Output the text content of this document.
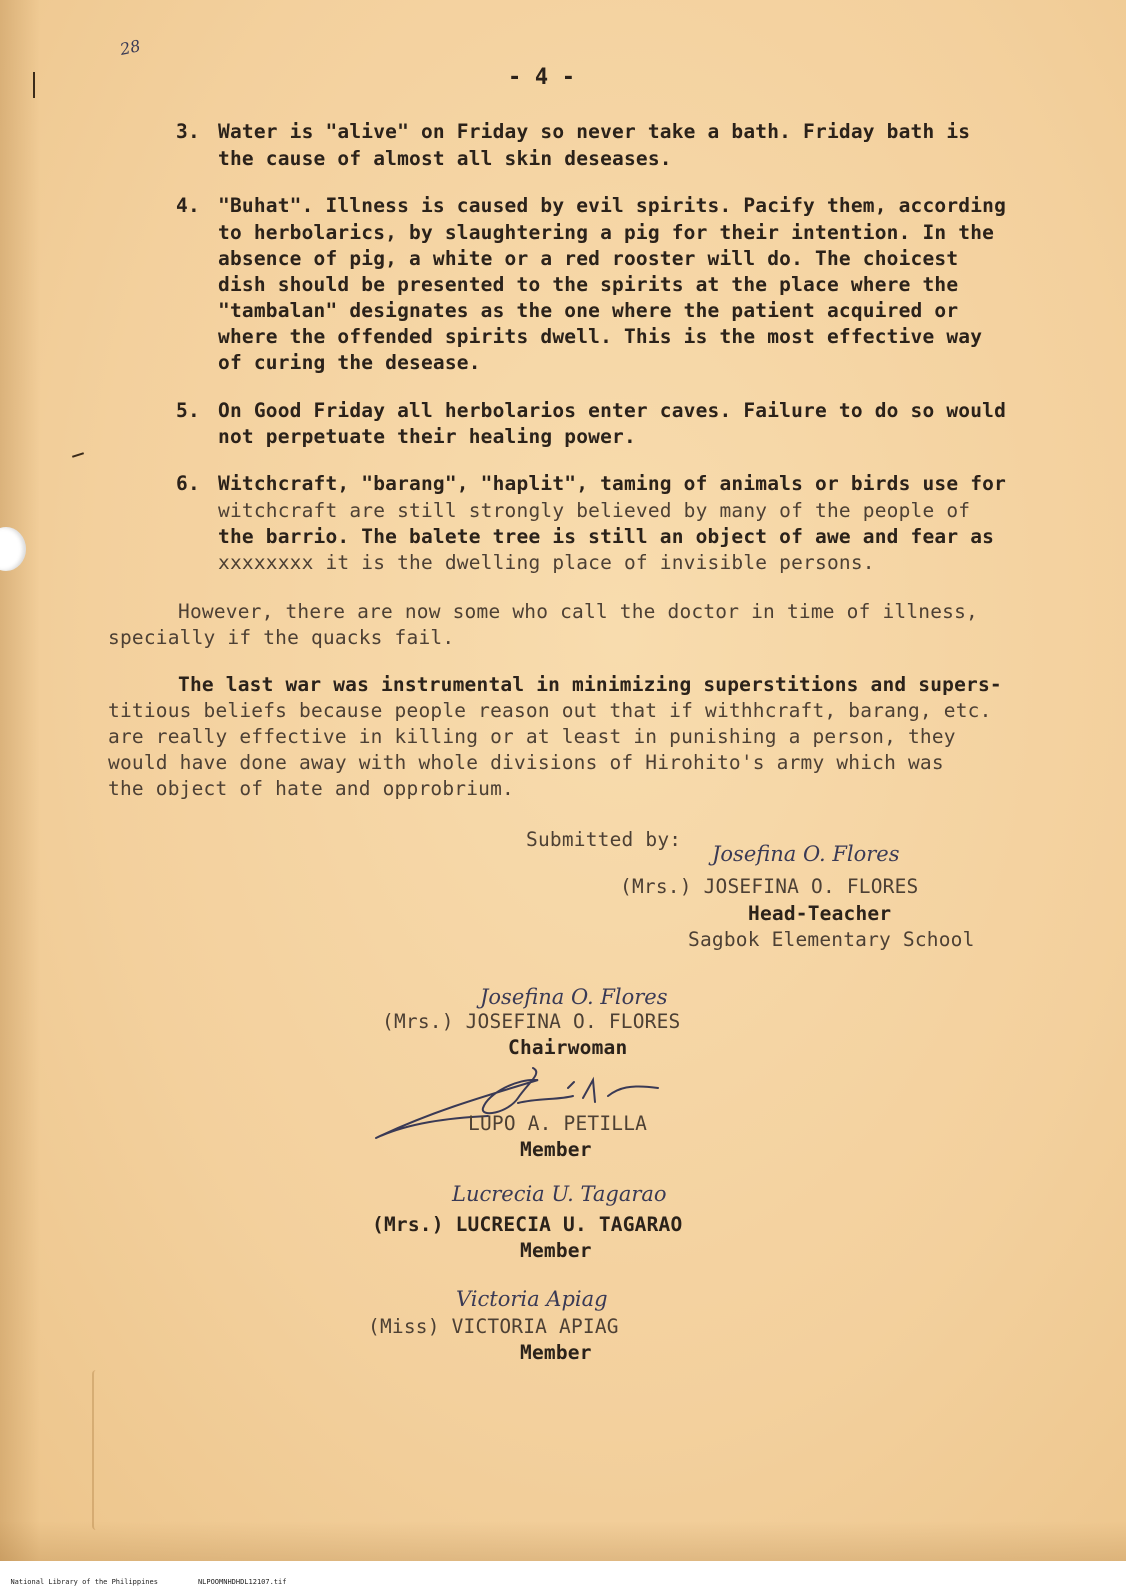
28
- 4 -
3. Water is "alive" on Friday so never take a bath. Friday bath is
the cause of almost all skin deseases.
4. "Buhat". Illness is caused by evil spirits. Pacify them, according
to herbolarics, by slaughtering a pig for their intention. In the
absence of pig, a white or a red rooster will do. The choicest
dish should be presented to the spirits at the place where the
"tambalan" designates as the one where the patient acquired or
where the offended spirits dwell. This is the most effective way
of curing the desease.
5. On Good Friday all herbolarios enter caves. Failure to do so would
not perpetuate their healing power.
6. Witchcraft, "barang", "haplit", taming of animals or birds use for
witchcraft are still strongly believed by many of the people of
the barrio. The balete tree is still an object of awe and fear as
xxxxxxxx it is the dwelling place of invisible persons.
However, there are now some who call the doctor in time of illness,
specially if the quacks fail.
The last war was instrumental in minimizing superstitions and supers-
titious beliefs because people reason out that if withhcraft, barang, etc.
are really effective in killing or at least in punishing a person, they
would have done away with whole divisions of Hirohito's army which was
the object of hate and opprobrium.
Submitted by:
Josefina O. Flores
(Mrs.) JOSEFINA O. FLORES
Head-Teacher
Sagbok Elementary School
Josefina O. Flores
(Mrs.) JOSEFINA O. FLORES
Chairwoman
LUPO A. PETILLA
Member
Lucrecia U. Tagarao
(Mrs.) LUCRECIA U. TAGARAO
Member
Victoria Apiag
(Miss) VICTORIA APIAG
Member

National Library of the Philippines	NLPOOMNHDHDL12107.tif
